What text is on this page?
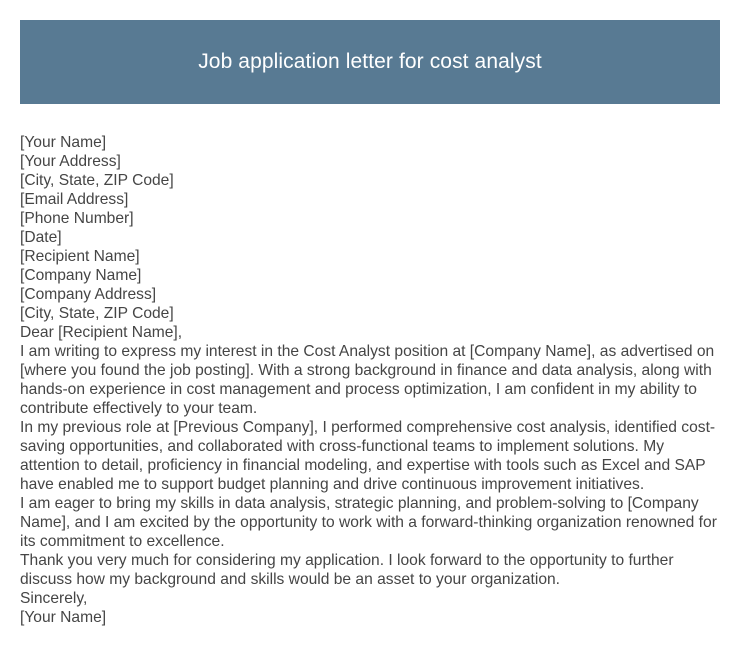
Job application letter for cost analyst

[Your Name]

[Your Address]

[City, State, ZIP Code]

[Email Address]

[Phone Number]

[Date]

[Recipient Name]

[Company Name]

[Company Address]

[City, State, ZIP Code]

Dear [Recipient Name],

I am writing to express my interest in the Cost Analyst position at [Company Name], as advertised on [where you found the job posting]. With a strong background in finance and data analysis, along with hands-on experience in cost management and process optimization, I am confident in my ability to contribute effectively to your team.

In my previous role at [Previous Company], I performed comprehensive cost analysis, identified cost-saving opportunities, and collaborated with cross-functional teams to implement solutions. My attention to detail, proficiency in financial modeling, and expertise with tools such as Excel and SAP have enabled me to support budget planning and drive continuous improvement initiatives.

I am eager to bring my skills in data analysis, strategic planning, and problem-solving to [Company Name], and I am excited by the opportunity to work with a forward-thinking organization renowned for its commitment to excellence.

Thank you very much for considering my application. I look forward to the opportunity to further discuss how my background and skills would be an asset to your organization.

Sincerely,

[Your Name]
